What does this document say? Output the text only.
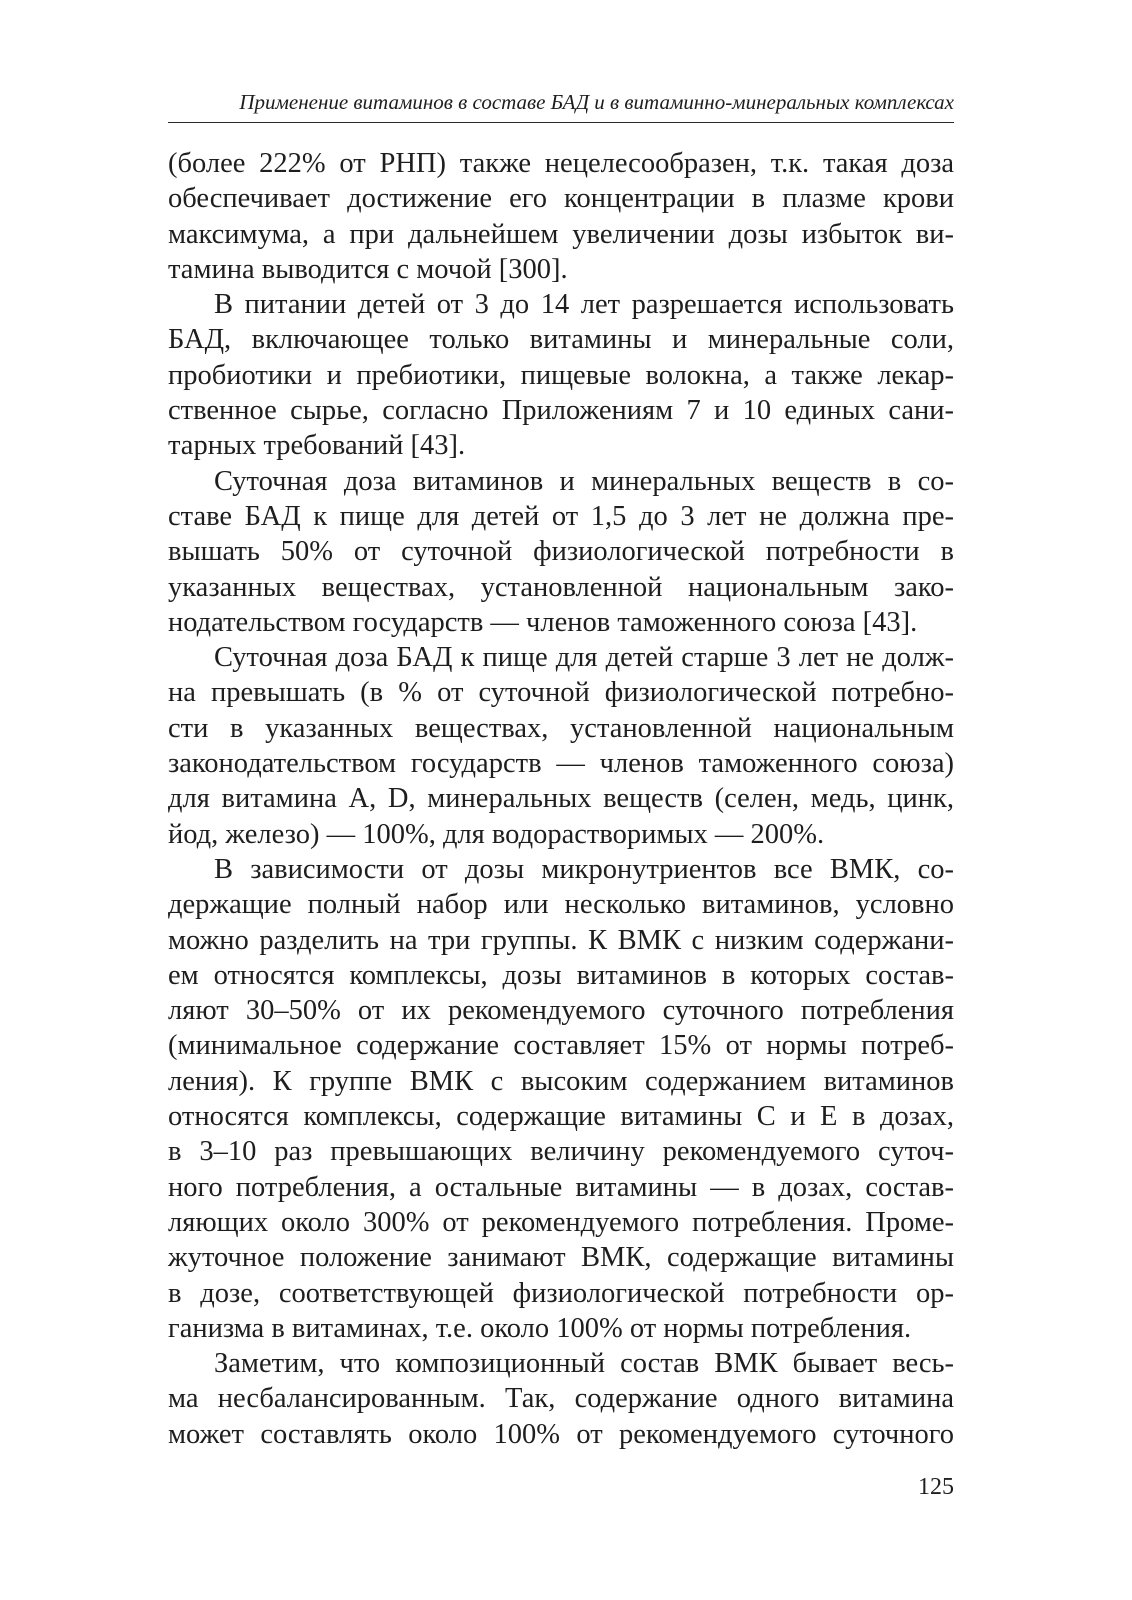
Применение витаминов в составе БАД и в витаминно-минеральных комплексах
(более 222% от РНП) также нецелесообразен, т.к. такая доза
обеспечивает достижение его концентрации в плазме крови
максимума, а при дальнейшем увеличении дозы избыток ви-
тамина выводится с мочой [300].
В питании детей от 3 до 14 лет разрешается использовать
БАД, включающее только витамины и минеральные соли,
пробиотики и пребиотики, пищевые волокна, а также лекар-
ственное сырье, согласно Приложениям 7 и 10 единых сани-
тарных требований [43].
Суточная доза витаминов и минеральных веществ в со-
ставе БАД к пище для детей от 1,5 до 3 лет не должна пре-
вышать 50% от суточной физиологической потребности в
указанных веществах, установленной национальным зако-
нодательством государств — членов таможенного союза [43].
Суточная доза БАД к пище для детей старше 3 лет не долж-
на превышать (в % от суточной физиологической потребно-
сти в указанных веществах, установленной национальным
законодательством государств — членов таможенного союза)
для витамина A, D, минеральных веществ (селен, медь, цинк,
йод, железо) — 100%, для водорастворимых — 200%.
В зависимости от дозы микронутриентов все ВМК, со-
держащие полный набор или несколько витаминов, условно
можно разделить на три группы. К ВМК с низким содержани-
ем относятся комплексы, дозы витаминов в которых состав-
ляют 30–50% от их рекомендуемого суточного потребления
(минимальное содержание составляет 15% от нормы потреб-
ления). К группе ВМК с высоким содержанием витаминов
относятся комплексы, содержащие витамины C и E в дозах,
в 3–10 раз превышающих величину рекомендуемого суточ-
ного потребления, а остальные витамины — в дозах, состав-
ляющих около 300% от рекомендуемого потребления. Проме-
жуточное положение занимают ВМК, содержащие витамины
в дозе, соответствующей физиологической потребности ор-
ганизма в витаминах, т.е. около 100% от нормы потребления.
Заметим, что композиционный состав ВМК бывает весь-
ма несбалансированным. Так, содержание одного витамина
может составлять около 100% от рекомендуемого суточного
125
